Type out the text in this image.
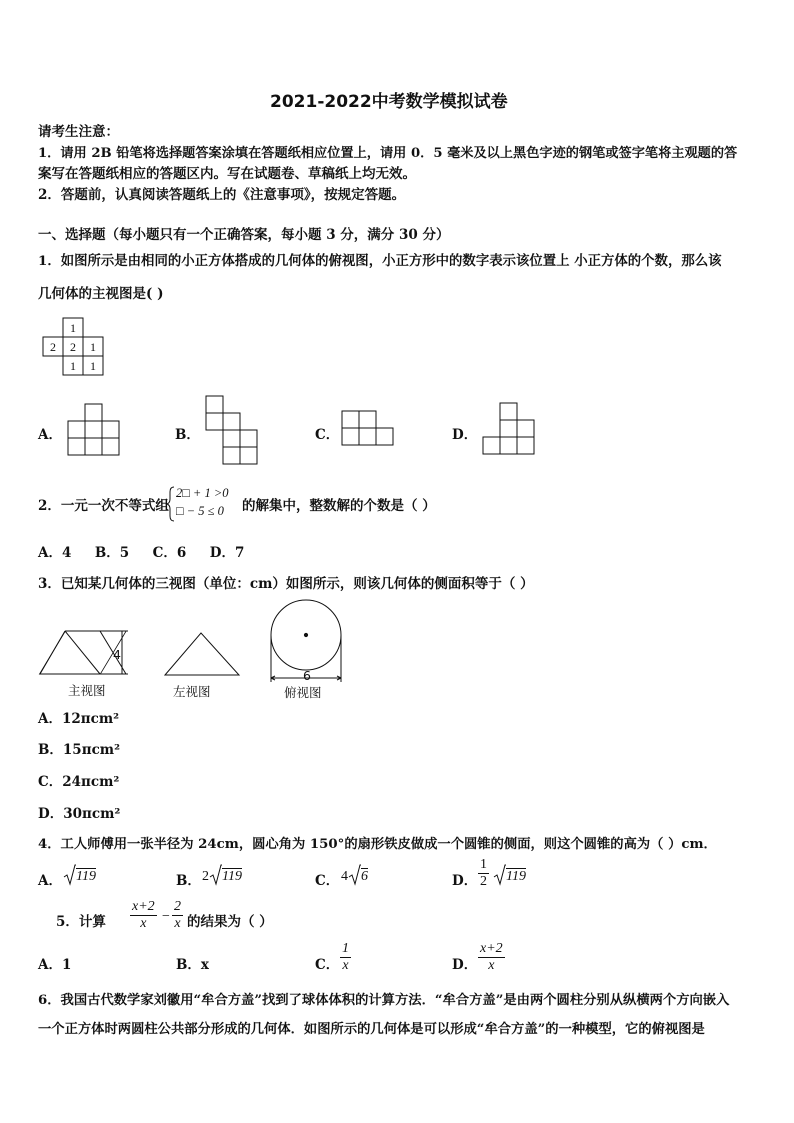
2021-2022中考数学模拟试卷
请考生注意：
1．请用 2B 铅笔将选择题答案涂填在答题纸相应位置上，请用 0．5 毫米及以上黑色字迹的钢笔或签字笔将主观题的答
案写在答题纸相应的答题区内。写在试题卷、草稿纸上均无效。
2．答题前，认真阅读答题纸上的《注意事项》，按规定答题。
一、选择题（每小题只有一个正确答案，每小题 3 分，满分 30 分）
1．如图所示是由相同的小正方体搭成的几何体的俯视图，小正方形中的数字表示该位置上 小正方体的个数，那么该
几何体的主视图是( )
1
2 2 1
1 1
A．	B．	C．	D．
2．一元一次不等式组
2□ + 1 >0
□ − 5 ≤ 0 的解集中，整数解的个数是（ ）
A．4     B．5     C．6     D．7
3．已知某几何体的三视图（单位：cm）如图所示，则该几何体的侧面积等于（ ）
4
主视图	左视图
6
俯视图
A．12πcm²
B．15πcm²
C．24πcm²
D．30πcm²
4．工人师傅用一张半径为 24cm，圆心角为 150°的扇形铁皮做成一个圆锥的侧面，则这个圆锥的高为（ ）cm．
A． 119	B． 2 119	C． 4 6	D． $\frac{1}{2} 119$
5．计算 $\frac{x+2}{x} - \frac{2}{x}$ 的结果为（ ）
A．1	B．x	C． $\frac{1}{x}$	D． $\frac{x+2}{x}$
6．我国古代数学家刘徽用“牟合方盖”找到了球体体积的计算方法．“牟合方盖”是由两个圆柱分别从纵横两个方向嵌入
一个正方体时两圆柱公共部分形成的几何体．如图所示的几何体是可以形成“牟合方盖”的一种模型，它的俯视图是
